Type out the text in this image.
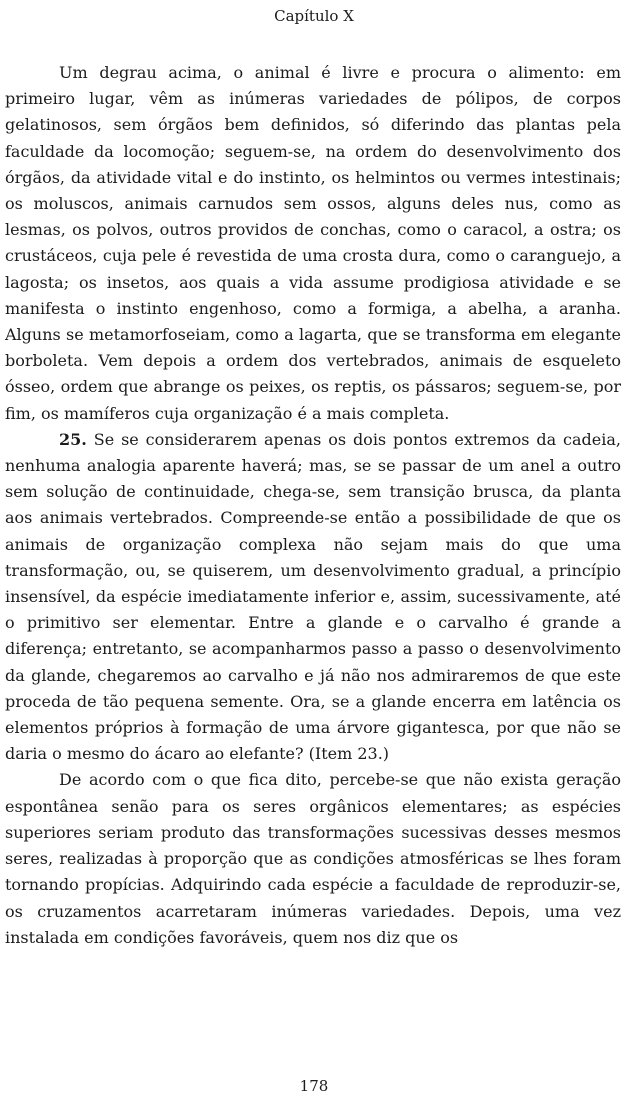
Capítulo X

Um degrau acima, o animal é livre e procura o alimento: em primeiro lugar, vêm as inúmeras variedades de pólipos, de corpos gelatinosos, sem órgãos bem definidos, só diferindo das plantas pela faculdade da locomoção; seguem-se, na ordem do desenvolvimento dos órgãos, da atividade vital e do instinto, os helmintos ou vermes intestinais; os moluscos, animais carnudos sem ossos, alguns deles nus, como as lesmas, os polvos, outros providos de conchas, como o caracol, a ostra; os crustáceos, cuja pele é revestida de uma crosta dura, como o caranguejo, a lagosta; os insetos, aos quais a vida assume prodigiosa atividade e se manifesta o instinto engenhoso, como a formiga, a abelha, a aranha. Alguns se metamorfoseiam, como a lagarta, que se transforma em elegante borboleta. Vem depois a ordem dos vertebrados, animais de esqueleto ósseo, ordem que abrange os peixes, os reptis, os pássaros; seguem-se, por fim, os mamíferos cuja organização é a mais completa.

25. Se se considerarem apenas os dois pontos extremos da cadeia, nenhuma analogia aparente haverá; mas, se se passar de um anel a outro sem solução de continuidade, chega-se, sem transição brusca, da planta aos animais vertebrados. Compreende-se então a possibilidade de que os animais de organização complexa não sejam mais do que uma transformação, ou, se quiserem, um desenvolvimento gradual, a princípio insensível, da espécie imediatamente inferior e, assim, sucessivamente, até o primitivo ser elementar. Entre a glande e o carvalho é grande a diferença; entretanto, se acompanharmos passo a passo o desenvolvimento da glande, chegaremos ao carvalho e já não nos admiraremos de que este proceda de tão pequena semente. Ora, se a glande encerra em latência os elementos próprios à formação de uma árvore gigantesca, por que não se daria o mesmo do ácaro ao elefante? (Item 23.)

De acordo com o que fica dito, percebe-se que não exista geração espontânea senão para os seres orgânicos elementares; as espécies superiores seriam produto das transformações sucessivas desses mesmos seres, realizadas à proporção que as condições atmosféricas se lhes foram tornando propícias. Adquirindo cada espécie a faculdade de reproduzir-se, os cruzamentos acarretaram inúmeras variedades. Depois, uma vez instalada em condições favoráveis, quem nos diz que os

178
